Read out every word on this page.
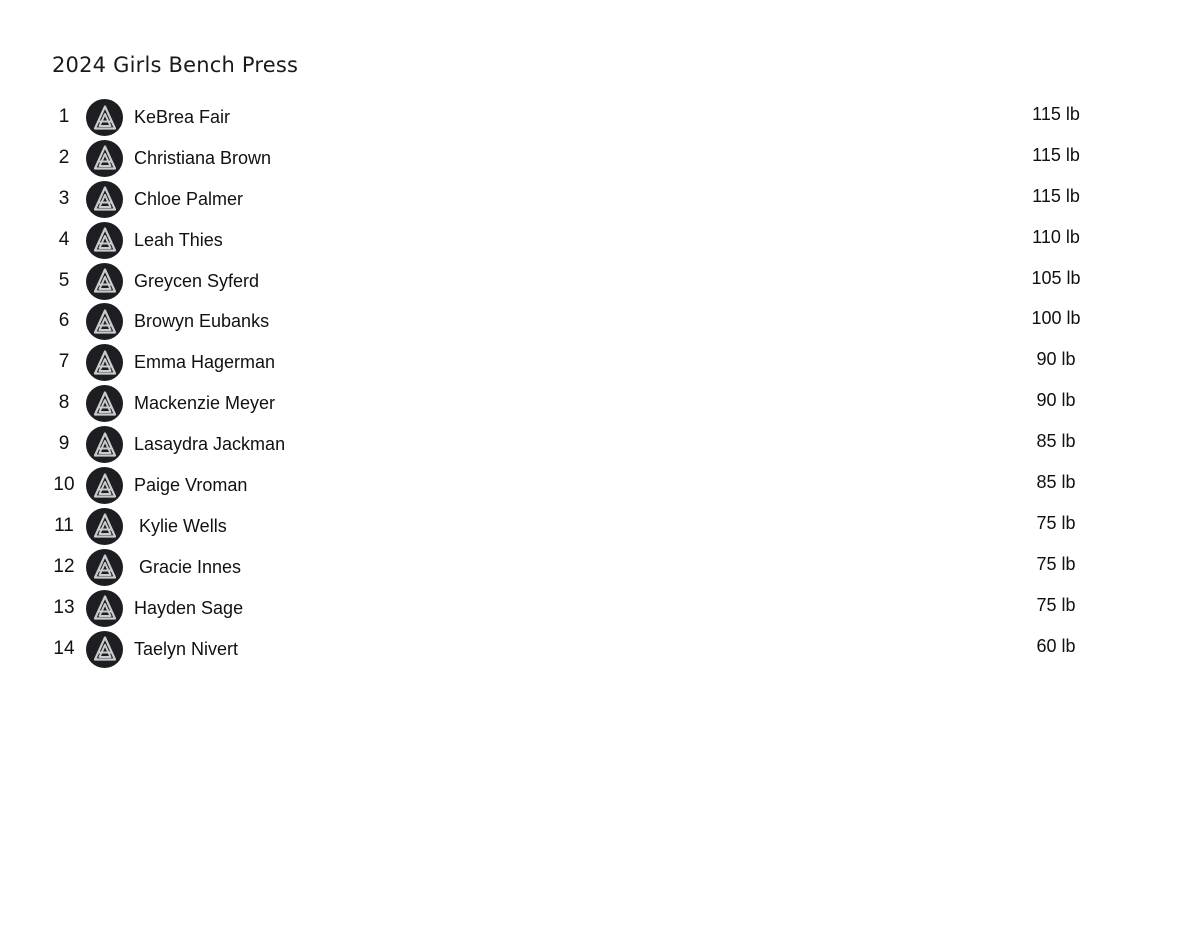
2024 Girls Bench Press
1	KeBrea Fair	115 lb
2	Christiana Brown	115 lb
3	Chloe Palmer	115 lb
4	Leah Thies	110 lb
5	Greycen Syferd	105 lb
6	Browyn Eubanks	100 lb
7	Emma Hagerman	90 lb
8	Mackenzie Meyer	90 lb
9	Lasaydra Jackman	85 lb
10	Paige Vroman	85 lb
11	Kylie Wells	75 lb
12	Gracie Innes	75 lb
13	Hayden Sage	75 lb
14	Taelyn Nivert	60 lb
